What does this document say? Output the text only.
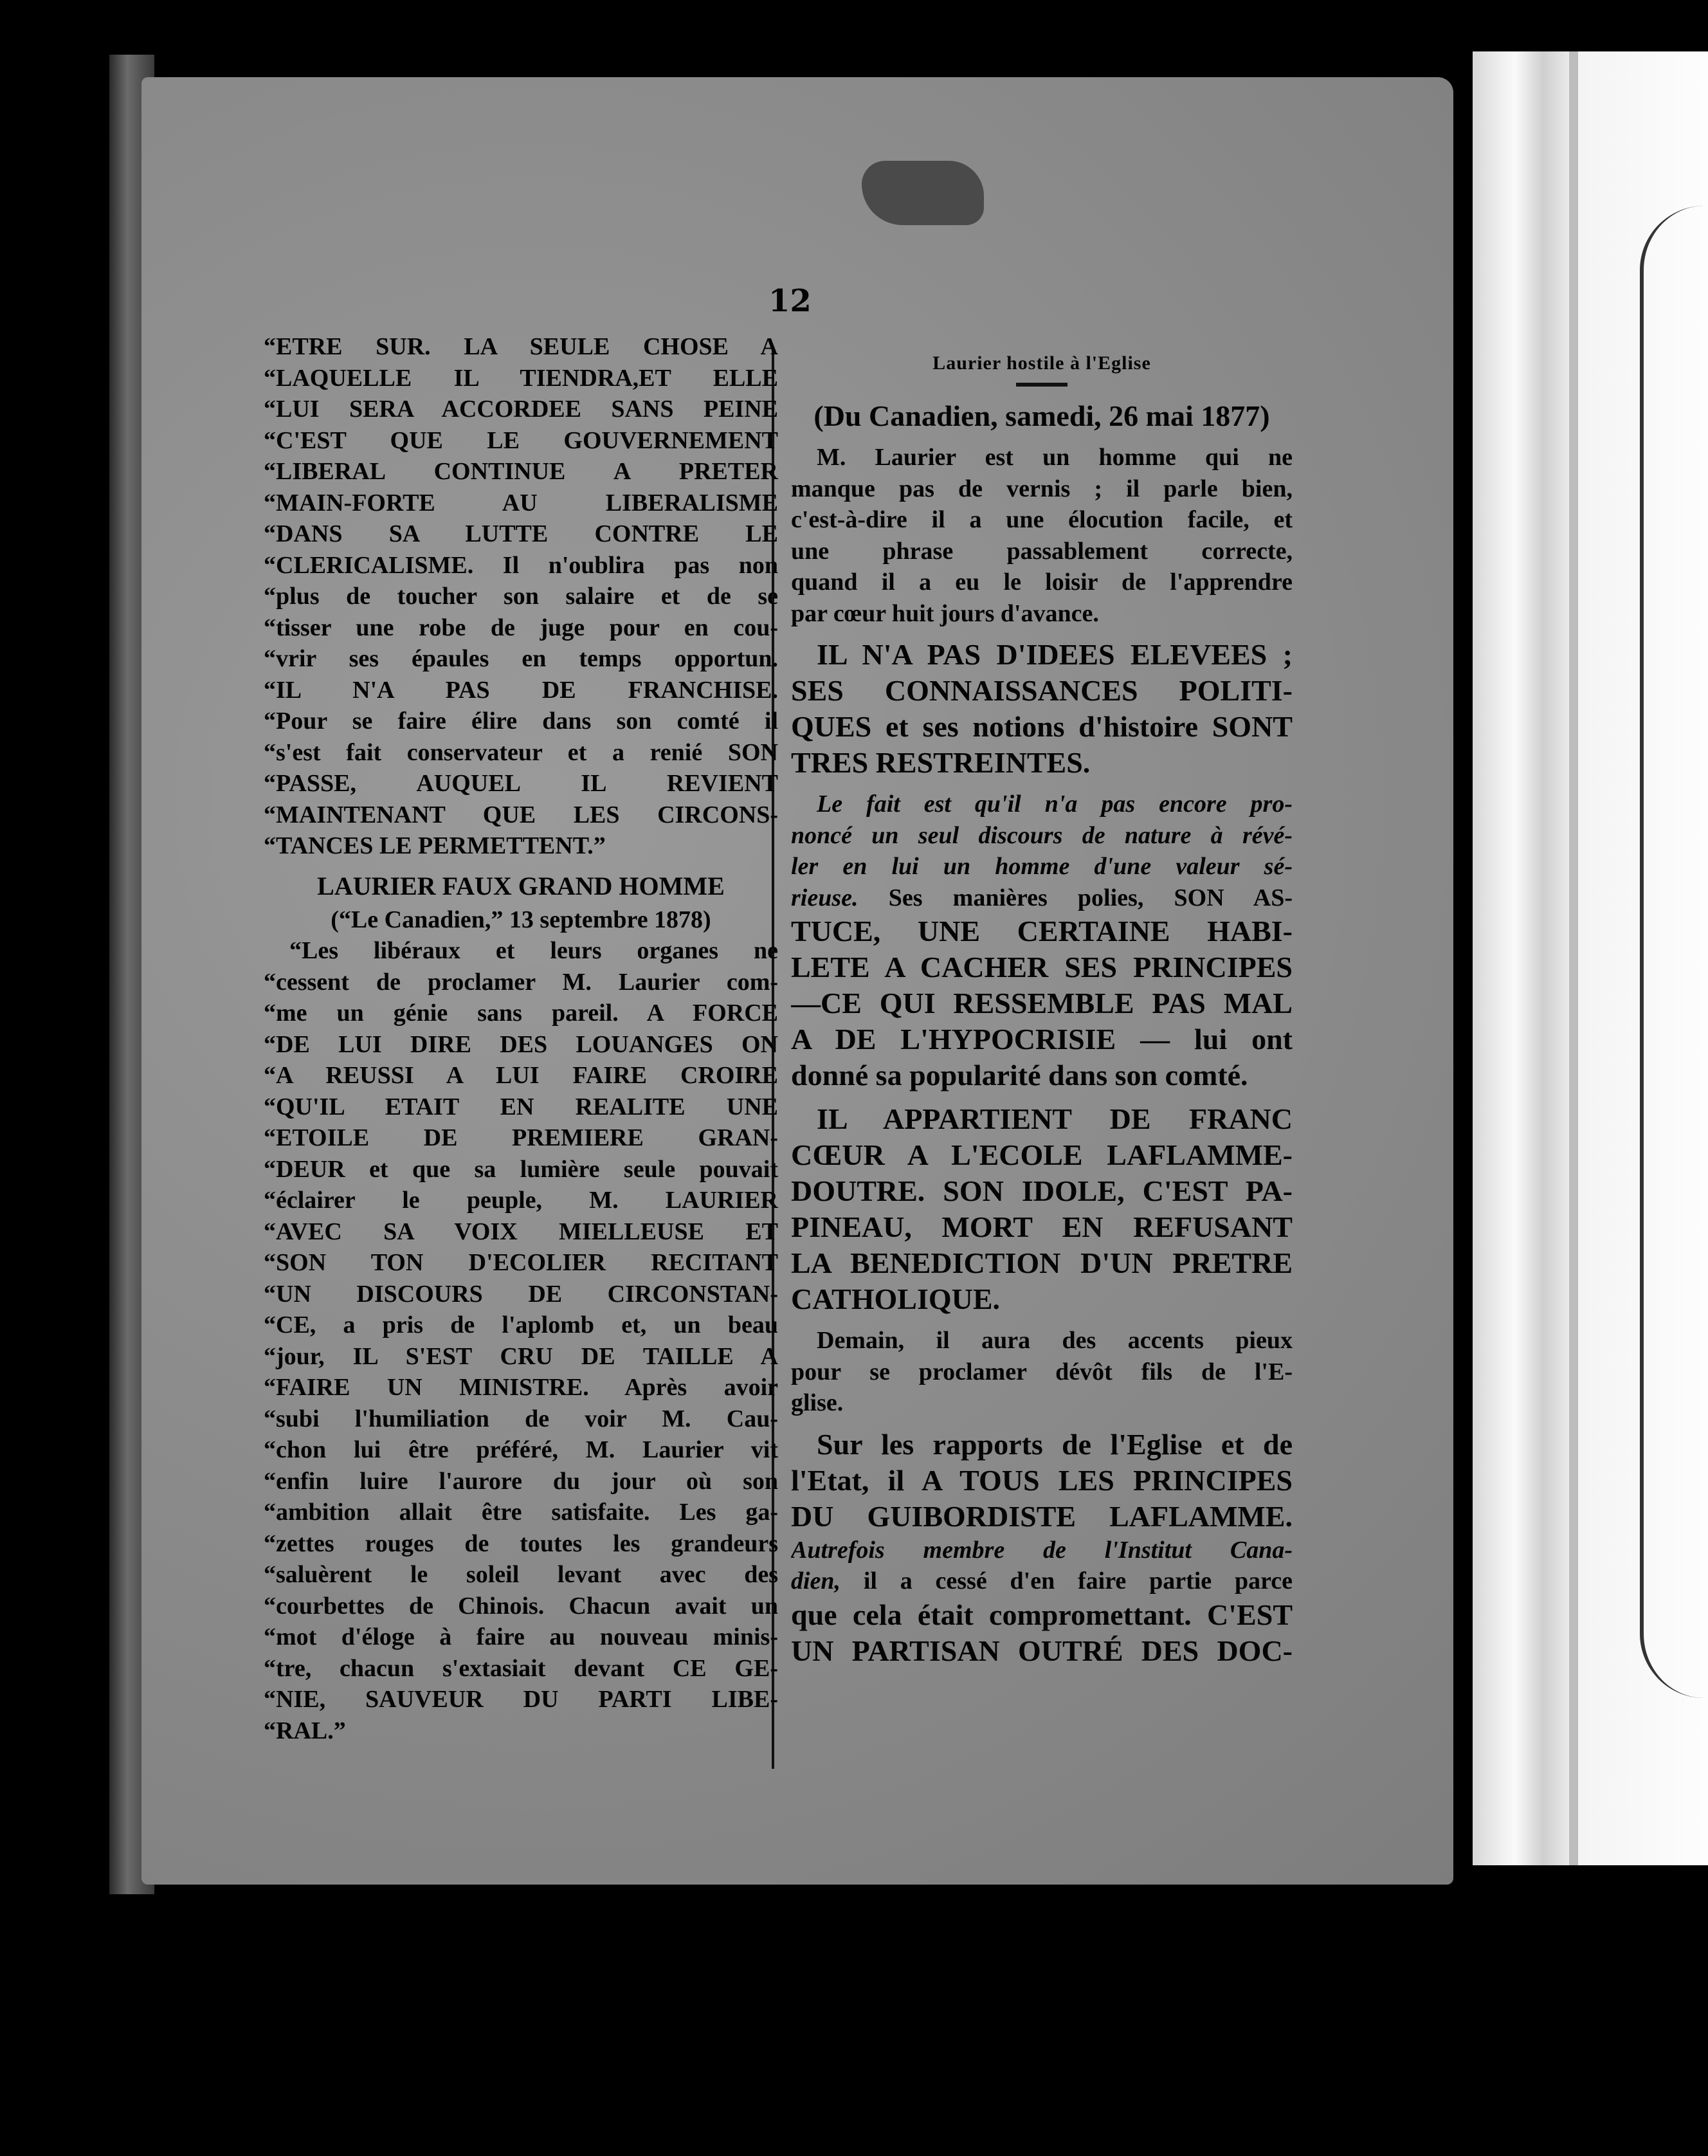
12
“ETRE SUR. LA SEULE CHOSE A
“LAQUELLE IL TIENDRA,ET ELLE
“LUI SERA ACCORDEE SANS PEINE
“C'EST QUE LE GOUVERNEMENT
“LIBERAL CONTINUE A PRETER
“MAIN-FORTE AU LIBERALISME
“DANS SA LUTTE CONTRE LE
“CLERICALISME. Il n'oublira pas non
“plus de toucher son salaire et de se
“tisser une robe de juge pour en cou-
“vrir ses épaules en temps opportun.
“IL N'A PAS DE FRANCHISE.
“Pour se faire élire dans son comté il
“s'est fait conservateur et a renié SON
“PASSE, AUQUEL IL REVIENT
“MAINTENANT QUE LES CIRCONS-
“TANCES LE PERMETTENT.”
LAURIER FAUX GRAND HOMME
(“Le Canadien,” 13 septembre 1878)
“Les libéraux et leurs organes ne
“cessent de proclamer M. Laurier com-
“me un génie sans pareil. A FORCE
“DE LUI DIRE DES LOUANGES ON
“A REUSSI A LUI FAIRE CROIRE
“QU'IL ETAIT EN REALITE UNE
“ETOILE DE PREMIERE GRAN-
“DEUR et que sa lumière seule pouvait
“éclairer le peuple, M. LAURIER
“AVEC SA VOIX MIELLEUSE ET
“SON TON D'ECOLIER RECITANT
“UN DISCOURS DE CIRCONSTAN-
“CE, a pris de l'aplomb et, un beau
“jour, IL S'EST CRU DE TAILLE A
“FAIRE UN MINISTRE. Après avoir
“subi l'humiliation de voir M. Cau-
“chon lui être préféré, M. Laurier vit
“enfin luire l'aurore du jour où son
“ambition allait être satisfaite. Les ga-
“zettes rouges de toutes les grandeurs
“saluèrent le soleil levant avec des
“courbettes de Chinois. Chacun avait un
“mot d'éloge à faire au nouveau minis-
“tre, chacun s'extasiait devant CE GE-
“NIE, SAUVEUR DU PARTI LIBE-
“RAL.”
Laurier hostile à l'Eglise
(Du Canadien, samedi, 26 mai 1877)
M. Laurier est un homme qui ne
manque pas de vernis ; il parle bien,
c'est-à-dire il a une élocution facile, et
une phrase passablement correcte,
quand il a eu le loisir de l'apprendre
par cœur huit jours d'avance.
IL N'A PAS D'IDEES ELEVEES ;
SES CONNAISSANCES POLITI-
QUES et ses notions d'histoire SONT
TRES RESTREINTES.
Le fait est qu'il n'a pas encore pro-
noncé un seul discours de nature à révé-
ler en lui un homme d'une valeur sé-
rieuse. Ses manières polies, SON AS-
TUCE, UNE CERTAINE HABI-
LETE A CACHER SES PRINCIPES
—CE QUI RESSEMBLE PAS MAL
A DE L'HYPOCRISIE — lui ont
donné sa popularité dans son comté.
IL APPARTIENT DE FRANC
CŒUR A L'ECOLE LAFLAMME-
DOUTRE. SON IDOLE, C'EST PA-
PINEAU, MORT EN REFUSANT
LA BENEDICTION D'UN PRETRE
CATHOLIQUE.
Demain, il aura des accents pieux
pour se proclamer dévôt fils de l'E-
glise.
Sur les rapports de l'Eglise et de
l'Etat, il A TOUS LES PRINCIPES
DU GUIBORDISTE LAFLAMME.
Autrefois membre de l'Institut Cana-
dien, il a cessé d'en faire partie parce
que cela était compromettant. C'EST
UN PARTISAN OUTRÉ DES DOC-
